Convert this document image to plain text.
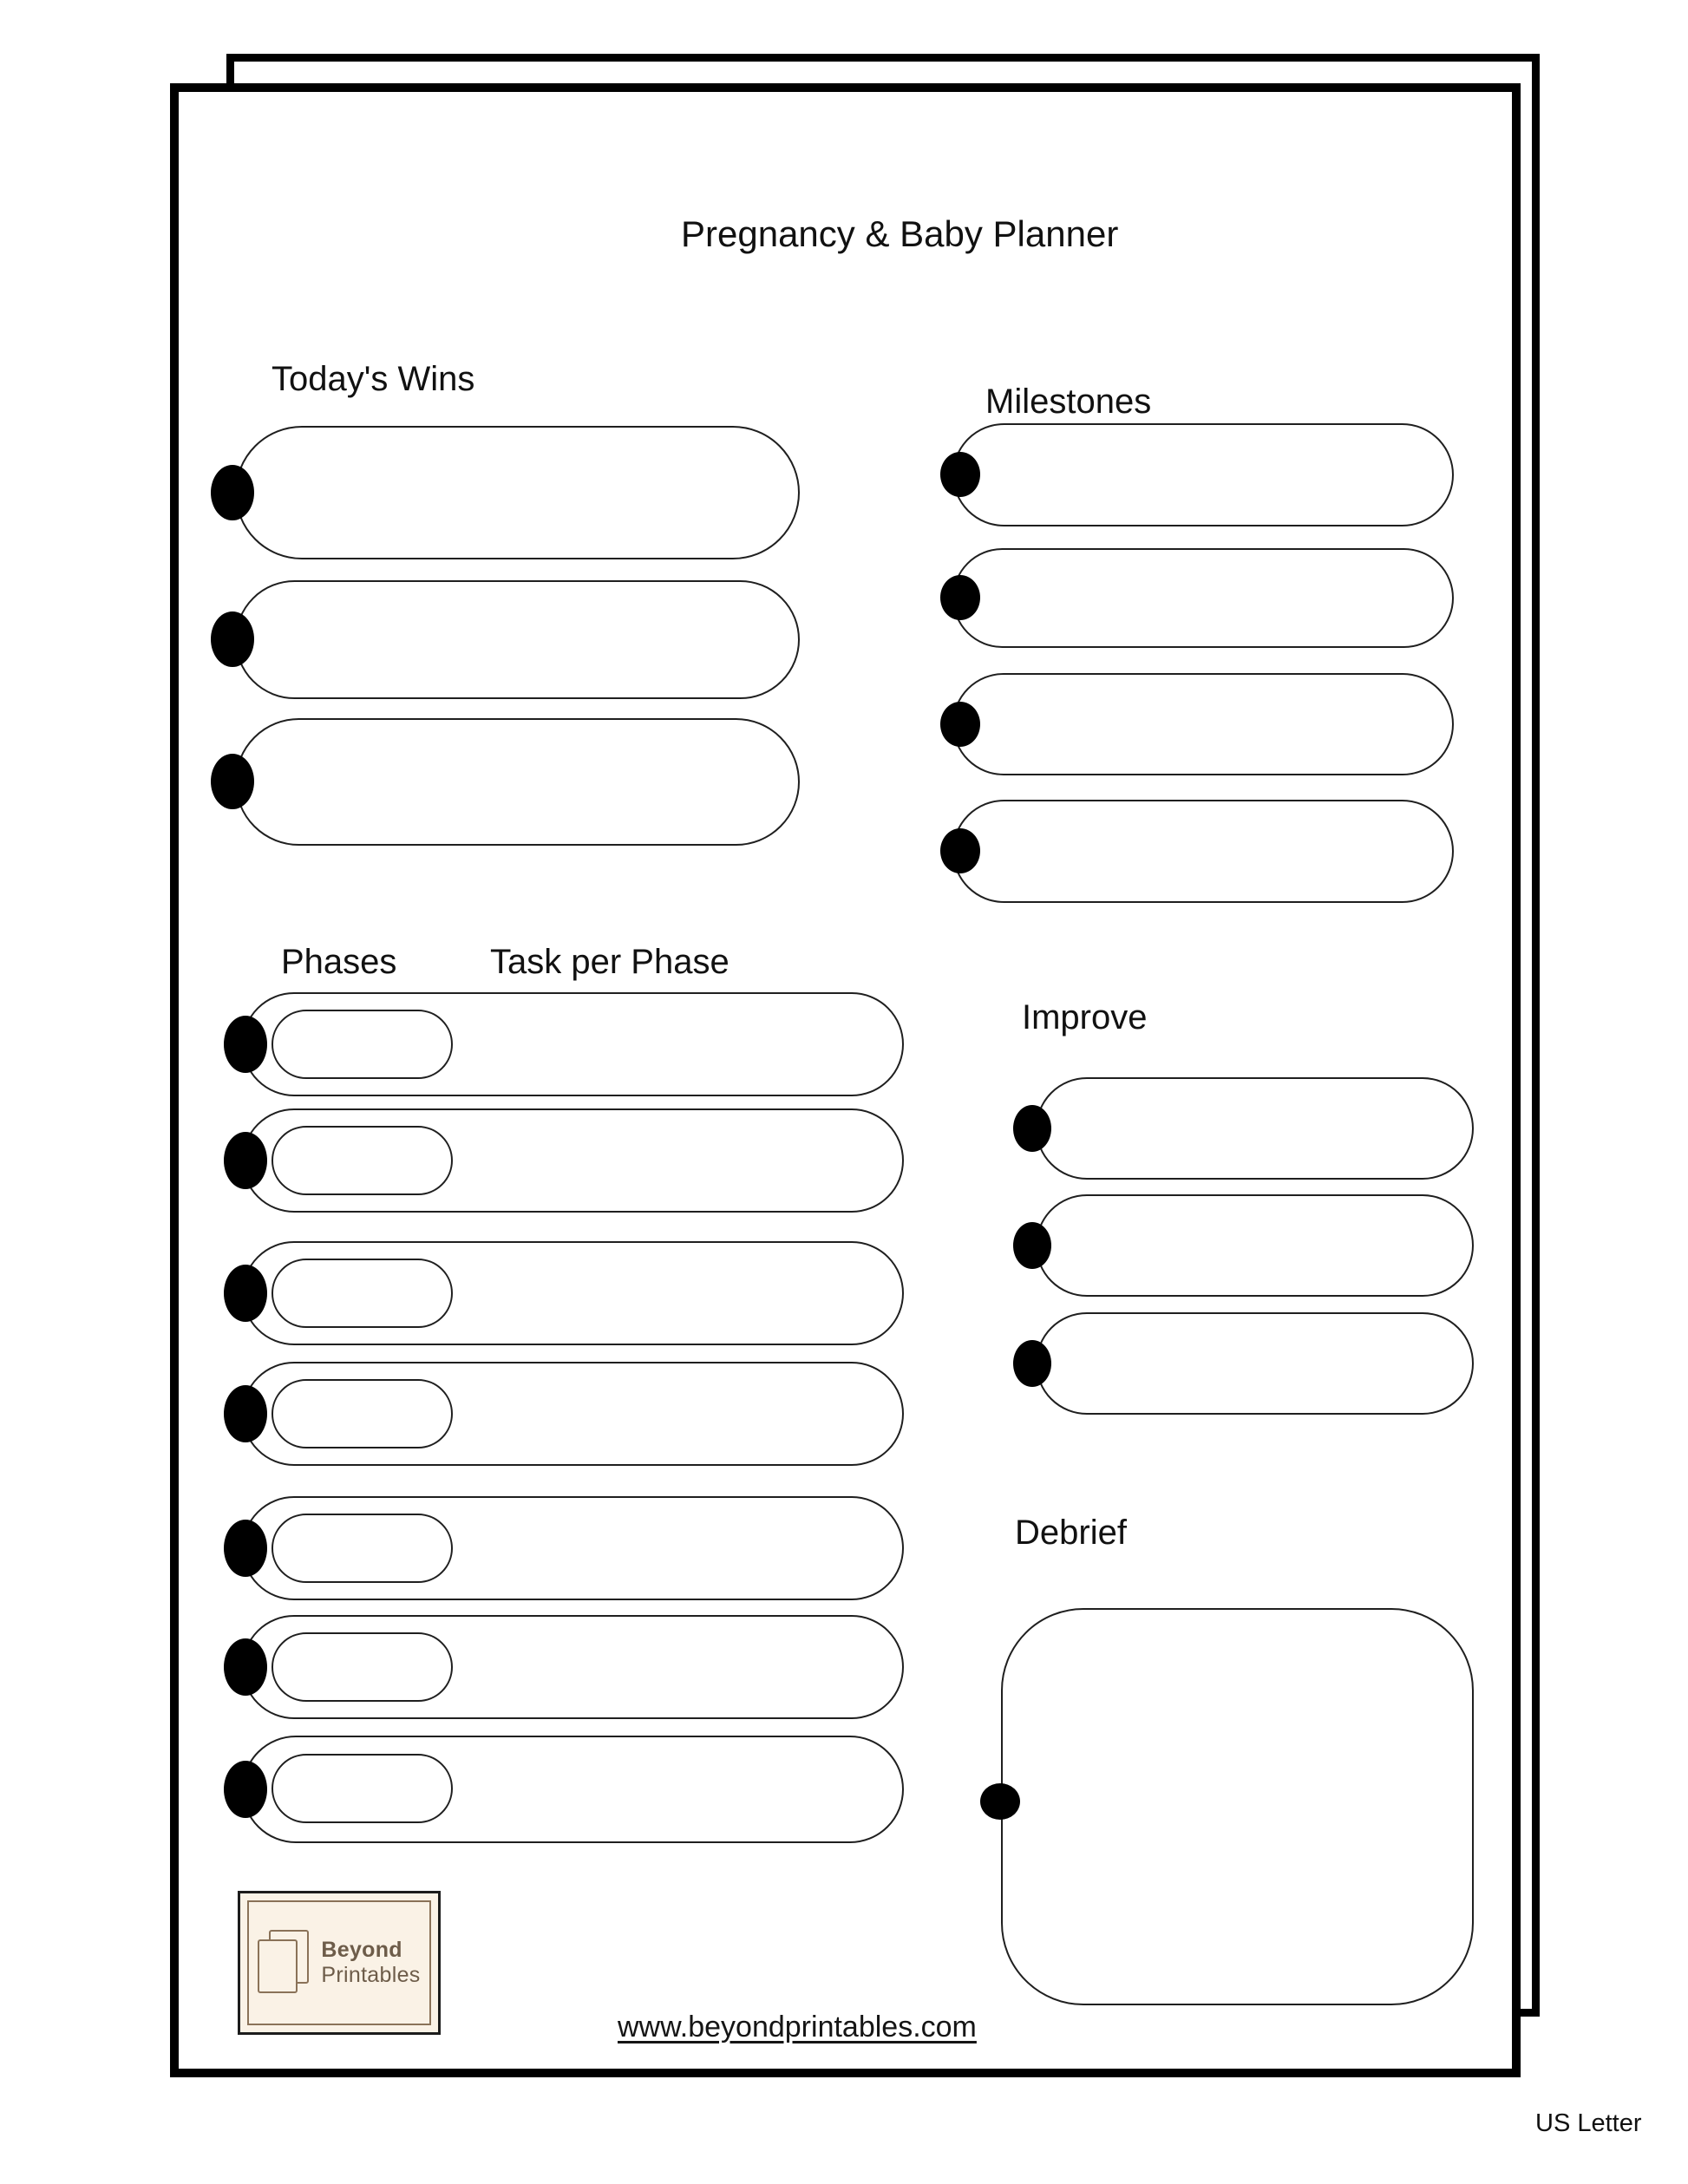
Pregnancy & Baby Planner
Today's Wins
Milestones
Phases	Task per Phase
Improve
Debrief
Beyond
Printables
www.beyondprintables.com
US Letter
